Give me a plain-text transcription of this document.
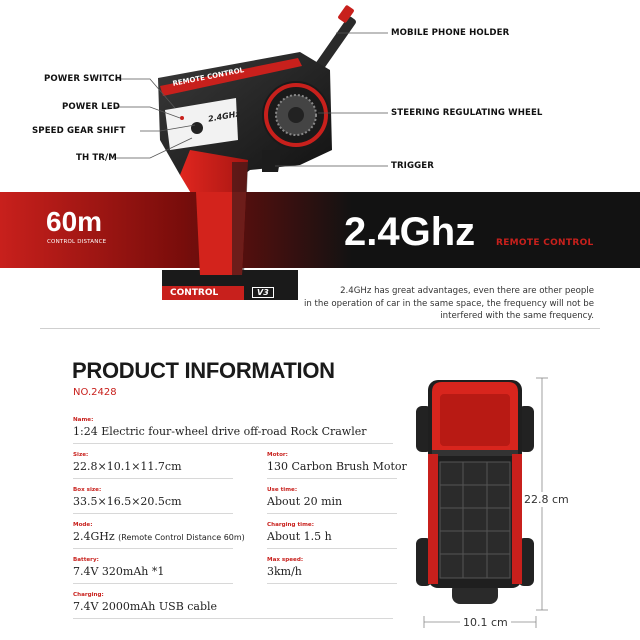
REMOTE CONTROL
2.4GHz
CONTROL	V3
POWER SWITCH
POWER LED
SPEED GEAR SHIFT
TH TR/M
MOBILE PHONE HOLDER
STEERING REGULATING WHEEL
TRIGGER
60m
CONTROL DISTANCE	2.4Ghz REMOTE CONTROL
2.4GHz has great advantages, even there are other people
in the operation of car in the same space, the frequency will not be
interfered with the same frequency.
PRODUCT INFORMATION
NO.2428
Name:
1:24 Electric four-wheel drive off-road Rock Crawler
Size:
22.8×10.1×11.7cm
Motor:
130 Carbon Brush Motor
Box size:
33.5×16.5×20.5cm
Use time:
About 20 min
Mode:
2.4GHz (Remote Control Distance 60m)
Charging time:
About 1.5 h
Battery:
7.4V 320mAh *1
Max speed:
3km/h
Charging:
7.4V 2000mAh USB cable
22.8 cm
10.1 cm
